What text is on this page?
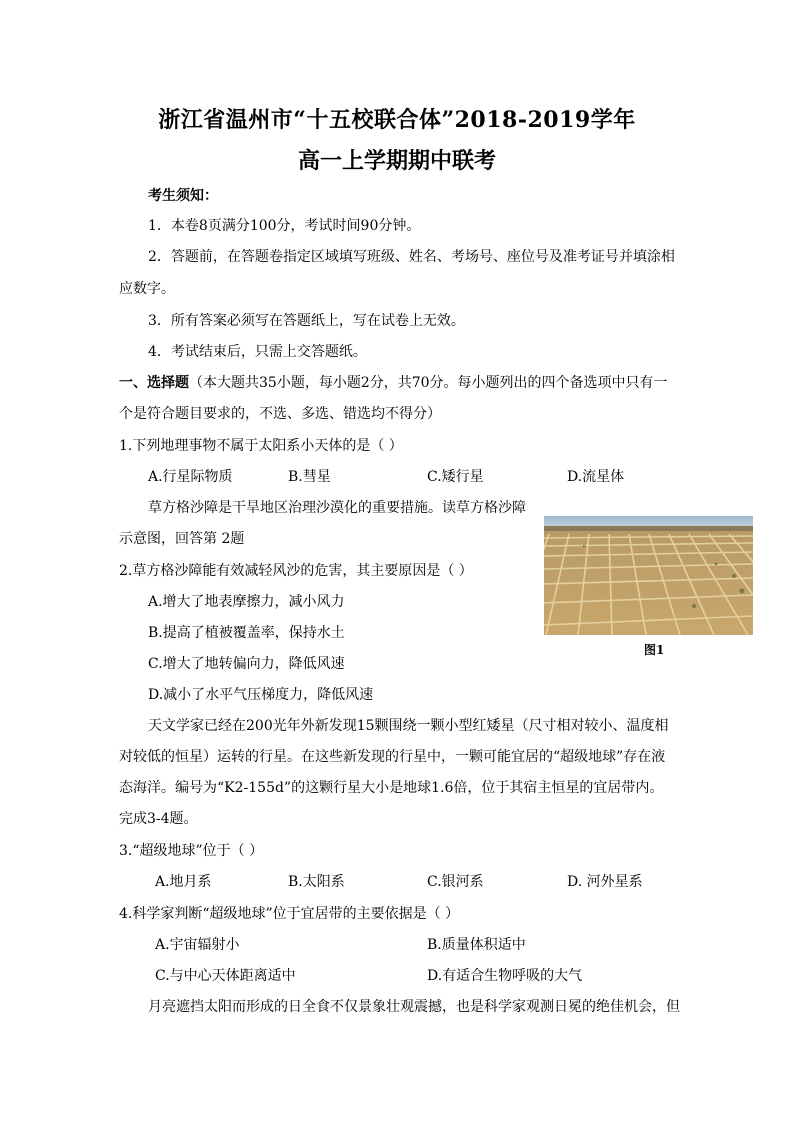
浙江省温州市“十五校联合体”2018-2019学年
高一上学期期中联考
考生须知：
1．本卷8页满分100分，考试时间90分钟。
2．答题前，在答题卷指定区域填写班级、姓名、考场号、座位号及准考证号并填涂相
应数字。
3．所有答案必须写在答题纸上，写在试卷上无效。
4．考试结束后，只需上交答题纸。
一、选择题（本大题共35小题，每小题2分，共70分。每小题列出的四个备选项中只有一
个是符合题目要求的，不选、多选、错选均不得分）
1.下列地理事物不属于太阳系小天体的是（ ）
A.行星际物质	B.彗星	C.矮行星	D.流星体
草方格沙障是干旱地区治理沙漠化的重要措施。读草方格沙障
示意图，回答第 2题
图1
2.草方格沙障能有效减轻风沙的危害，其主要原因是（ ）
A.增大了地表摩擦力，减小风力
B.提高了植被覆盖率，保持水土
C.增大了地转偏向力，降低风速
D.减小了水平气压梯度力，降低风速
天文学家已经在200光年外新发现15颗围绕一颗小型红矮星（尺寸相对较小、温度相
对较低的恒星）运转的行星。在这些新发现的行星中，一颗可能宜居的“超级地球”存在液
态海洋。编号为“K2-155d”的这颗行星大小是地球1.6倍，位于其宿主恒星的宜居带内。
完成3-4题。
3.“超级地球”位于（ ）
A.地月系	B.太阳系	C.银河系	D. 河外星系
4.科学家判断“超级地球”位于宜居带的主要依据是（ ）
A.宇宙辐射小	B.质量体积适中
C.与中心天体距离适中	D.有适合生物呼吸的大气
月亮遮挡太阳而形成的日全食不仅景象壮观震撼，也是科学家观测日冕的绝佳机会，但
